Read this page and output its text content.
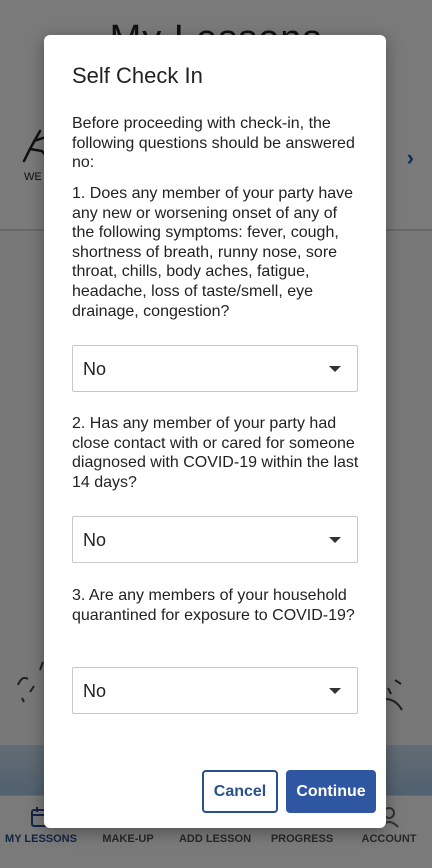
Self Check In
Before proceeding with check-in, the following questions should be answered no:
1. Does any member of your party have any new or worsening onset of any of the following symptoms: fever, cough, shortness of breath, runny nose, sore throat, chills, body aches, fatigue, headache, loss of taste/smell, eye drainage, congestion?
No
2. Has any member of your party had close contact with or cared for someone diagnosed with COVID-19 within the last 14 days?
No
3. Are any members of your household quarantined for exposure to COVID-19?
No
Cancel	Continue
